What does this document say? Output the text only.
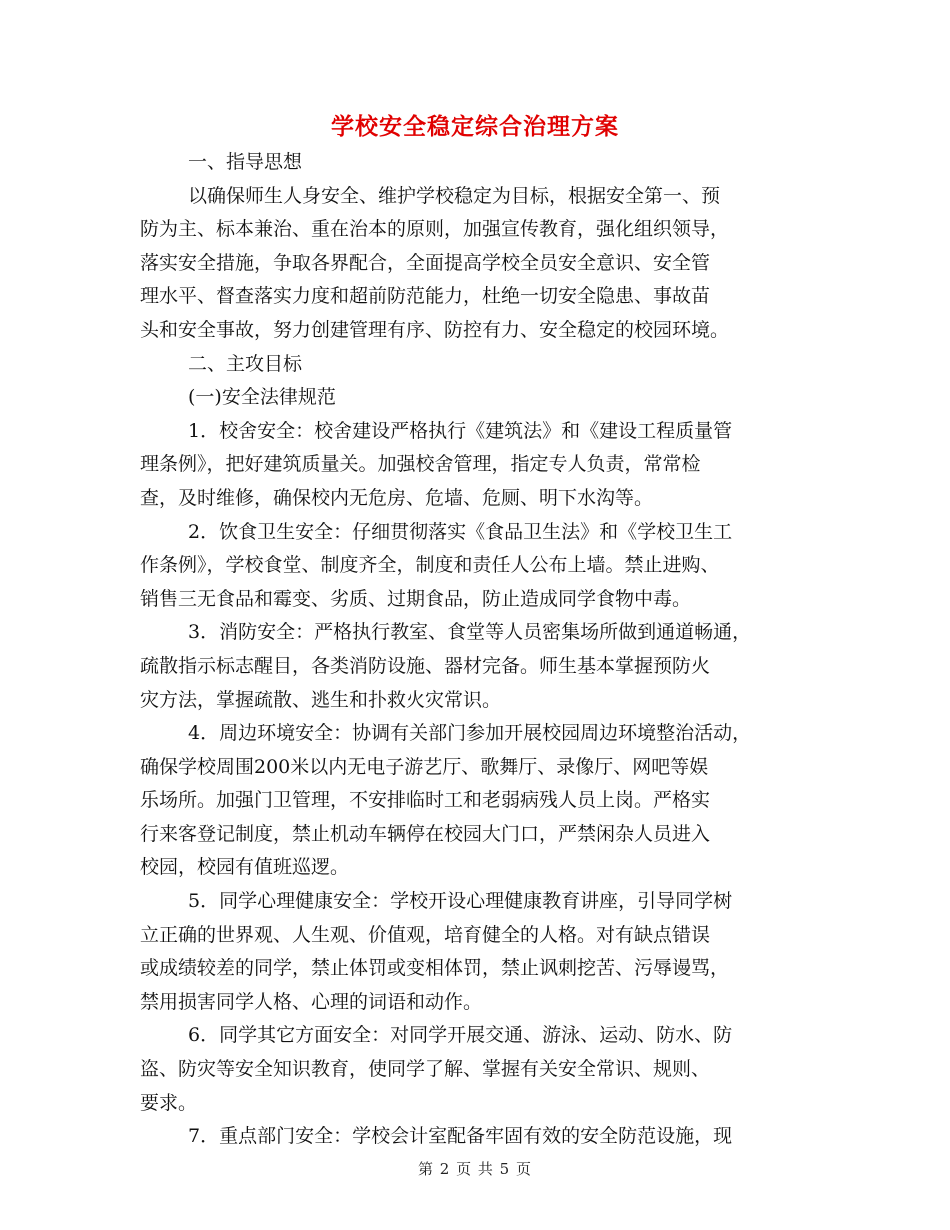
学校安全稳定综合治理方案
一、指导思想
以确保师生人身安全、维护学校稳定为目标，根据安全第一、预
防为主、标本兼治、重在治本的原则，加强宣传教育，强化组织领导，
落实安全措施，争取各界配合，全面提高学校全员安全意识、安全管
理水平、督查落实力度和超前防范能力，杜绝一切安全隐患、事故苗
头和安全事故，努力创建管理有序、防控有力、安全稳定的校园环境。
二、主攻目标
(一)安全法律规范
1．校舍安全：校舍建设严格执行《建筑法》和《建设工程质量管
理条例》，把好建筑质量关。加强校舍管理，指定专人负责，常常检
查，及时维修，确保校内无危房、危墙、危厕、明下水沟等。
2．饮食卫生安全：仔细贯彻落实《食品卫生法》和《学校卫生工
作条例》，学校食堂、制度齐全，制度和责任人公布上墙。禁止进购、
销售三无食品和霉变、劣质、过期食品，防止造成同学食物中毒。
3．消防安全：严格执行教室、食堂等人员密集场所做到通道畅通，
疏散指示标志醒目，各类消防设施、器材完备。师生基本掌握预防火
灾方法，掌握疏散、逃生和扑救火灾常识。
4．周边环境安全：协调有关部门参加开展校园周边环境整治活动，
确保学校周围200米以内无电子游艺厅、歌舞厅、录像厅、网吧等娱
乐场所。加强门卫管理，不安排临时工和老弱病残人员上岗。严格实
行来客登记制度，禁止机动车辆停在校园大门口，严禁闲杂人员进入
校园，校园有值班巡逻。
5．同学心理健康安全：学校开设心理健康教育讲座，引导同学树
立正确的世界观、人生观、价值观，培育健全的人格。对有缺点错误
或成绩较差的同学，禁止体罚或变相体罚，禁止讽刺挖苦、污辱谩骂，
禁用损害同学人格、心理的词语和动作。
6．同学其它方面安全：对同学开展交通、游泳、运动、防水、防
盗、防灾等安全知识教育，使同学了解、掌握有关安全常识、规则、
要求。
7．重点部门安全：学校会计室配备牢固有效的安全防范设施，现
第 2 页 共 5 页
